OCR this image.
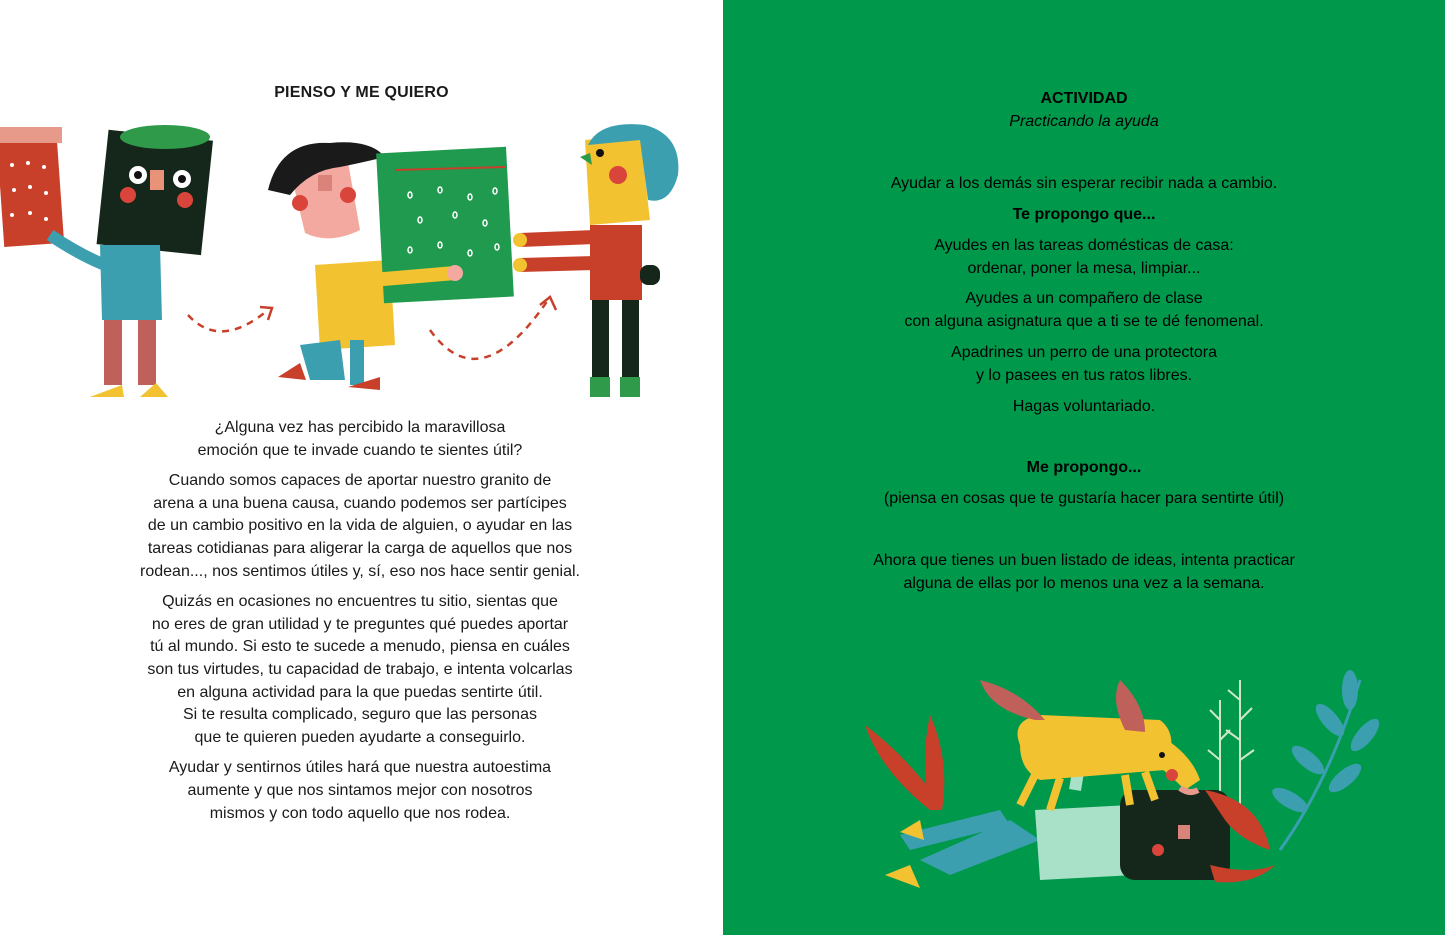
PIENSO Y ME QUIERO

¿Alguna vez has percibido la maravillosa
emoción que te invade cuando te sientes útil?

Cuando somos capaces de aportar nuestro granito de
arena a una buena causa, cuando podemos ser partícipes
de un cambio positivo en la vida de alguien, o ayudar en las
tareas cotidianas para aligerar la carga de aquellos que nos
rodean..., nos sentimos útiles y, sí, eso nos hace sentir genial.

Quizás en ocasiones no encuentres tu sitio, sientas que
no eres de gran utilidad y te preguntes qué puedes aportar
tú al mundo. Si esto te sucede a menudo, piensa en cuáles
son tus virtudes, tu capacidad de trabajo, e intenta volcarlas
en alguna actividad para la que puedas sentirte útil.
Si te resulta complicado, seguro que las personas
que te quieren pueden ayudarte a conseguirlo.

Ayudar y sentirnos útiles hará que nuestra autoestima
aumente y que nos sintamos mejor con nosotros
mismos y con todo aquello que nos rodea.

ACTIVIDAD
Practicando la ayuda

Ayudar a los demás sin esperar recibir nada a cambio.

Te propongo que...

Ayudes en las tareas domésticas de casa:
ordenar, poner la mesa, limpiar...

Ayudes a un compañero de clase
con alguna asignatura que a ti se te dé fenomenal.

Apadrines un perro de una protectora
y lo pasees en tus ratos libres.

Hagas voluntariado.

Me propongo...

(piensa en cosas que te gustaría hacer para sentirte útil)

Ahora que tienes un buen listado de ideas, intenta practicar
alguna de ellas por lo menos una vez a la semana.
